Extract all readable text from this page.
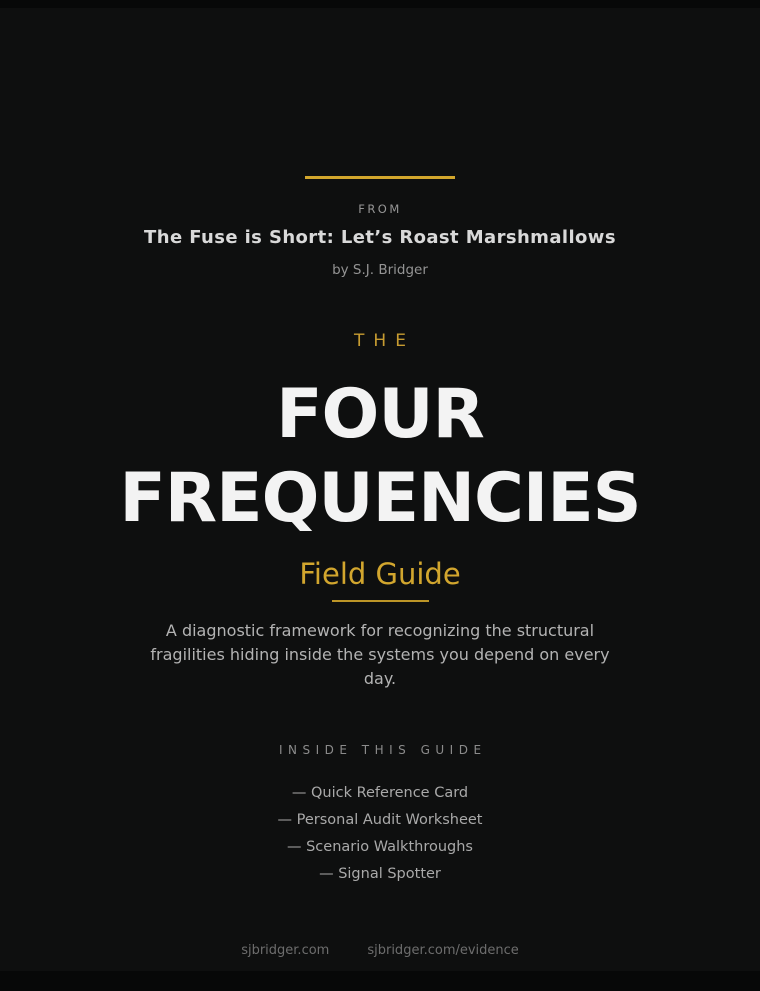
FROM
The Fuse is Short: Let’s Roast Marshmallows
by S.J. Bridger
THE
FOUR
FREQUENCIES
Field Guide

A diagnostic framework for recognizing the structural fragilities hiding inside the systems you depend on every day.

INSIDE THIS GUIDE
— Quick Reference Card
— Personal Audit Worksheet
— Scenario Walkthroughs
— Signal Spotter
sjbridger.com	sjbridger.com/evidence
